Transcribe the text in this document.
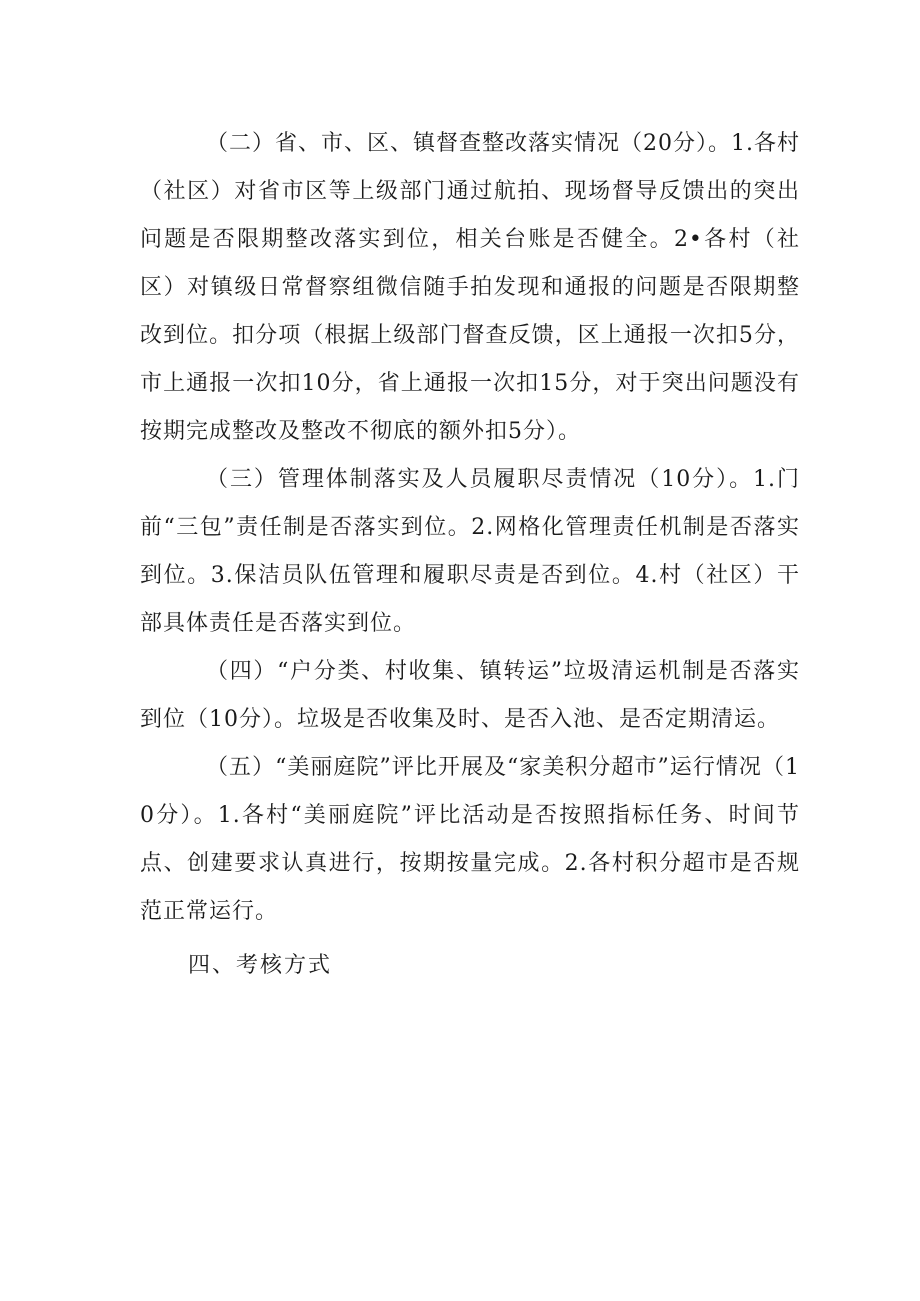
（二）省、市、区、镇督查整改落实情况（20分）。1.各村（社区）对省市区等上级部门通过航拍、现场督导反馈出的突出问题是否限期整改落实到位，相关台账是否健全。2•各村（社区）对镇级日常督察组微信随手拍发现和通报的问题是否限期整改到位。扣分项（根据上级部门督查反馈，区上通报一次扣5分，市上通报一次扣10分，省上通报一次扣15分，对于突出问题没有按期完成整改及整改不彻底的额外扣5分）。

（三）管理体制落实及人员履职尽责情况（10分）。1.门前“三包”责任制是否落实到位。2.网格化管理责任机制是否落实到位。3.保洁员队伍管理和履职尽责是否到位。4.村（社区）干部具体责任是否落实到位。

（四）“户分类、村收集、镇转运”垃圾清运机制是否落实到位（10分）。垃圾是否收集及时、是否入池、是否定期清运。

（五）“美丽庭院”评比开展及“家美积分超市”运行情况（10分）。1.各村“美丽庭院”评比活动是否按照指标任务、时间节点、创建要求认真进行，按期按量完成。2.各村积分超市是否规范正常运行。

四、考核方式
